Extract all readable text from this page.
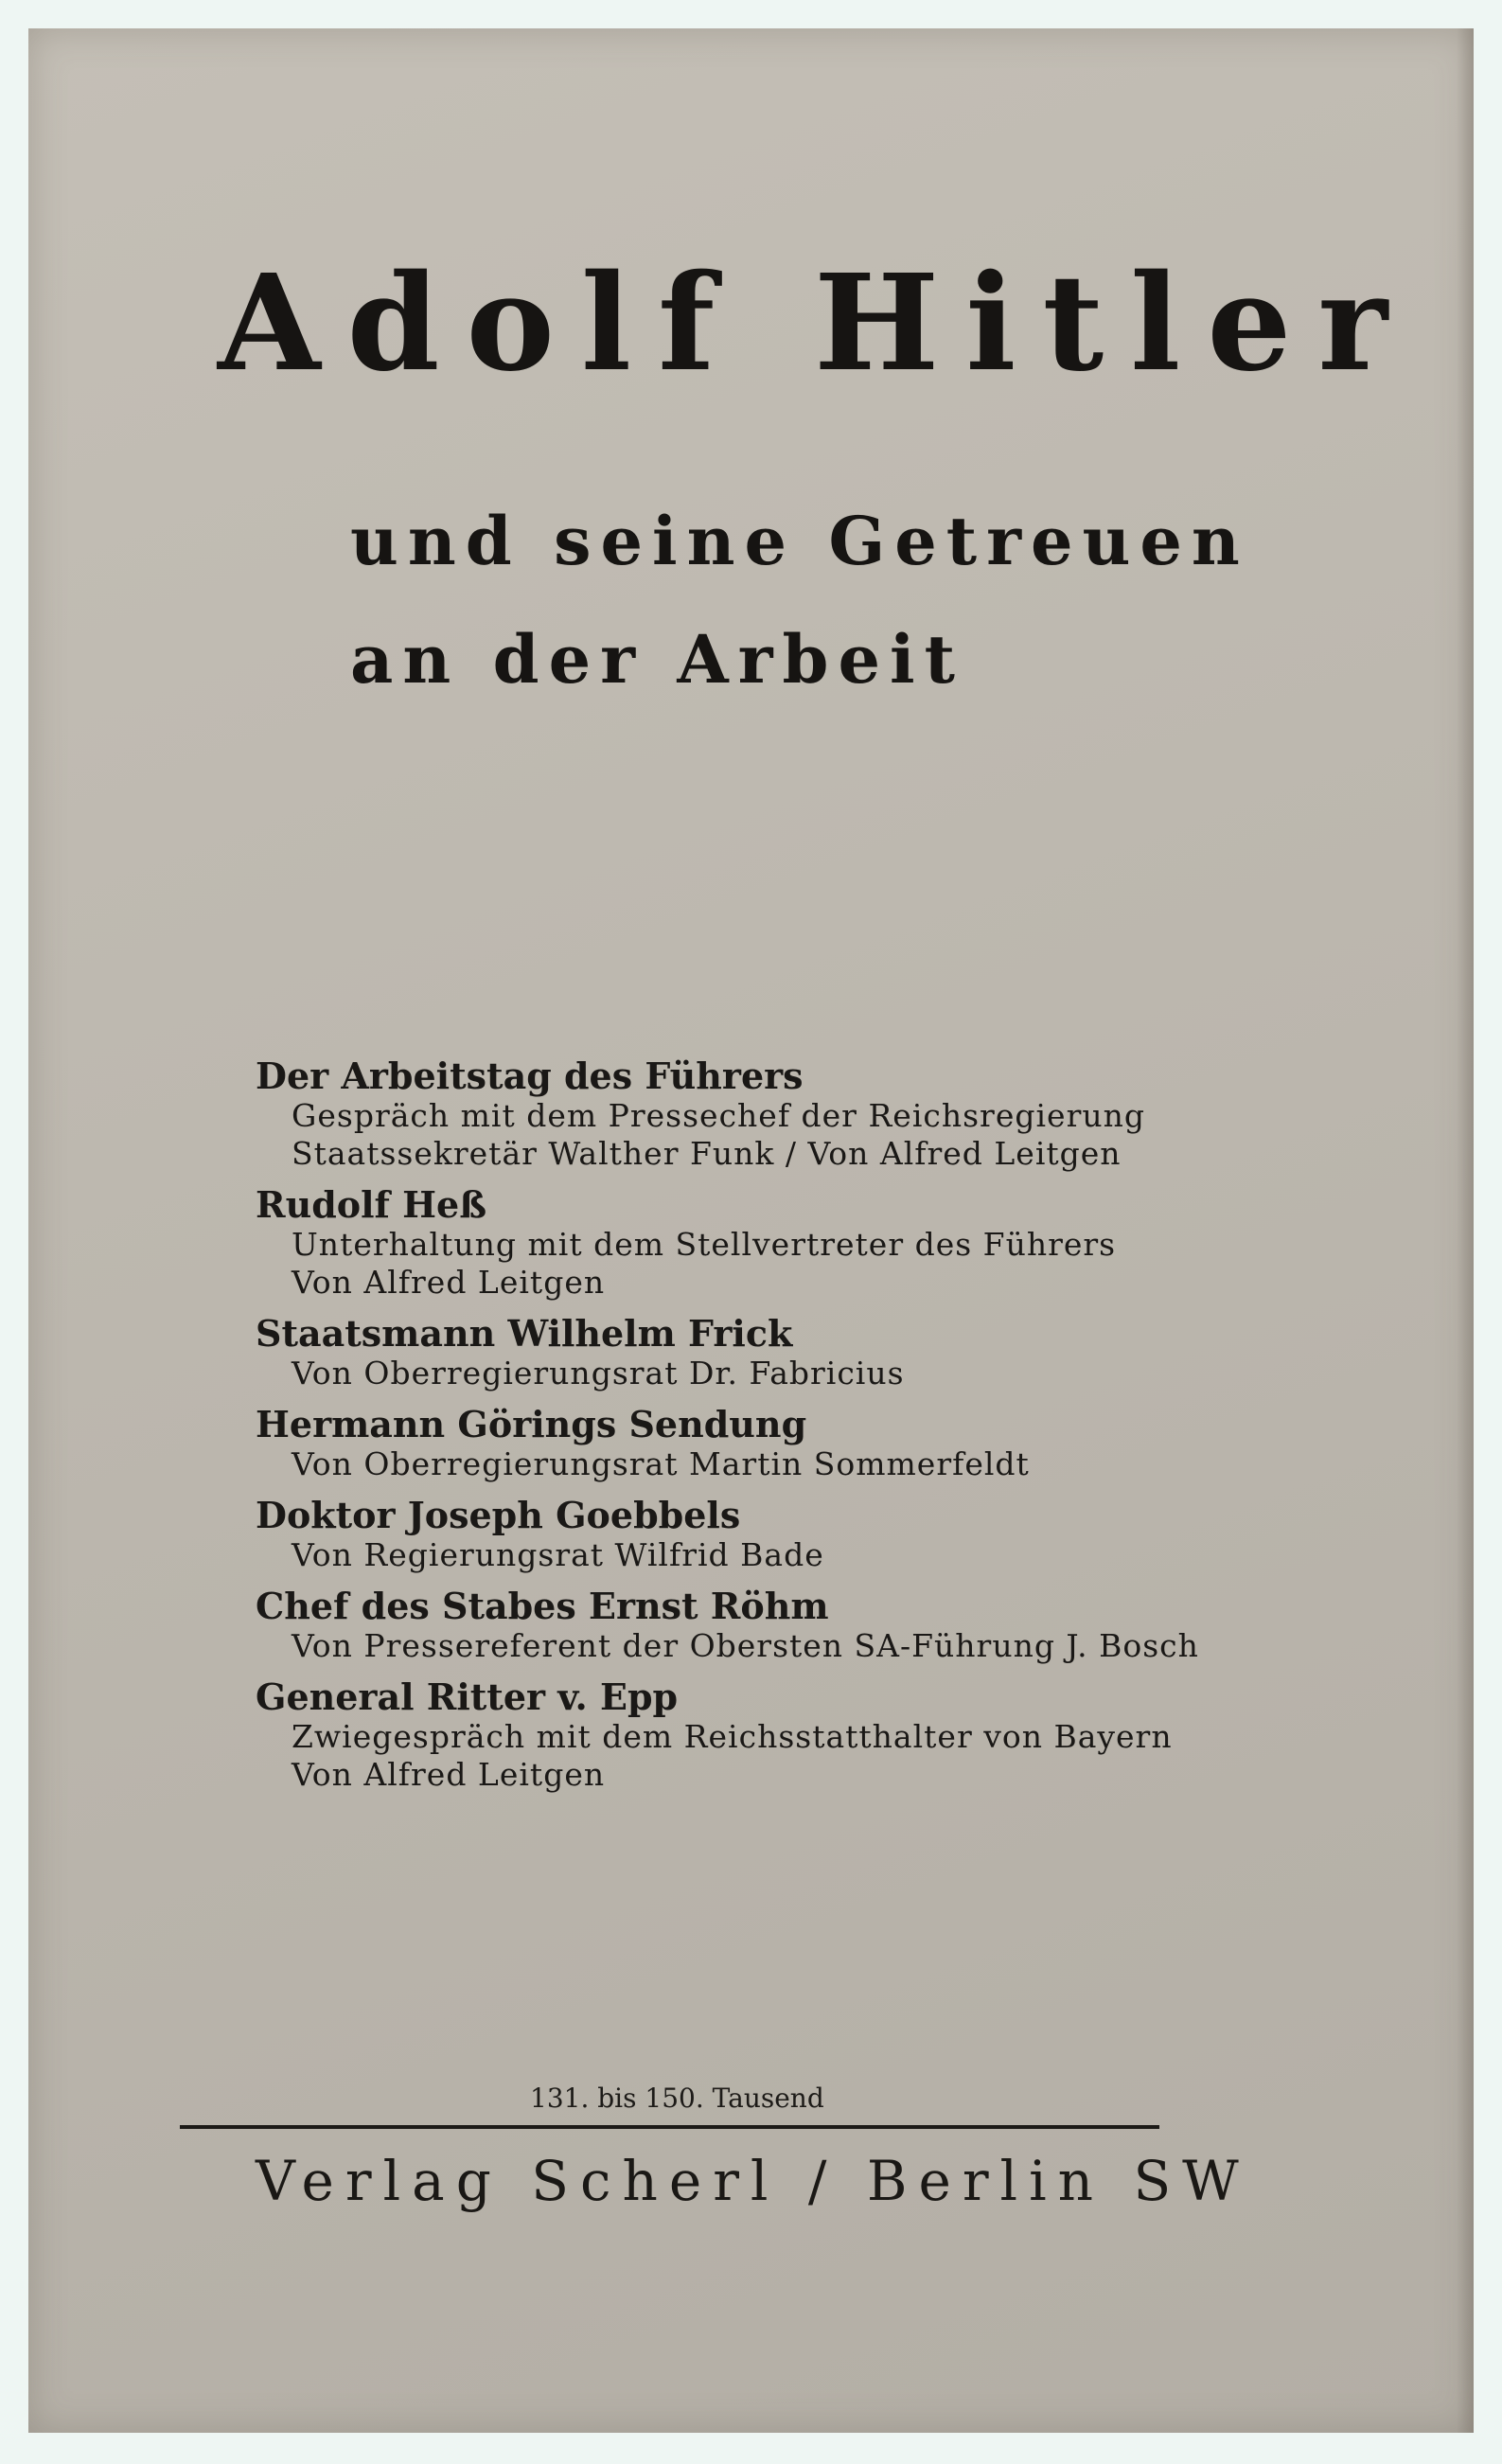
Adolf Hitler
und seine Getreuen
an der Arbeit
Der Arbeitstag des Führers
Gespräch mit dem Pressechef der Reichsregierung
Staatssekretär Walther Funk / Von Alfred Leitgen
Rudolf Heß
Unterhaltung mit dem Stellvertreter des Führers
Von Alfred Leitgen
Staatsmann Wilhelm Frick
Von Oberregierungsrat Dr. Fabricius
Hermann Görings Sendung
Von Oberregierungsrat Martin Sommerfeldt
Doktor Joseph Goebbels
Von Regierungsrat Wilfrid Bade
Chef des Stabes Ernst Röhm
Von Pressereferent der Obersten SA-Führung J. Bosch
General Ritter v. Epp
Zwiegespräch mit dem Reichsstatthalter von Bayern
Von Alfred Leitgen
131. bis 150. Tausend
Verlag Scherl / Berlin SW
